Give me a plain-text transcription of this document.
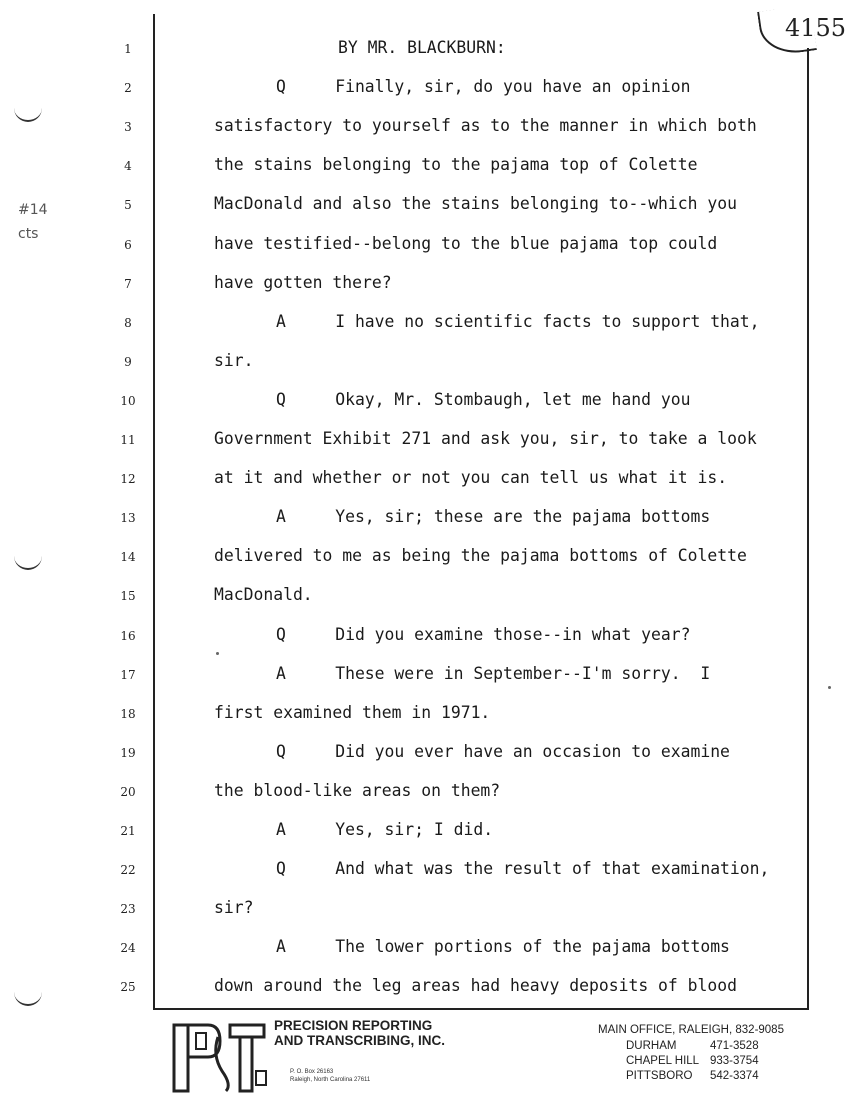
4155
#14
cts
1	BY MR. BLACKBURN:
2	Q     Finally, sir, do you have an opinion
3	satisfactory to yourself as to the manner in which both
4	the stains belonging to the pajama top of Colette
5	MacDonald and also the stains belonging to--which you
6	have testified--belong to the blue pajama top could
7	have gotten there?
8	A     I have no scientific facts to support that,
9	sir.
10	Q     Okay, Mr. Stombaugh, let me hand you
11	Government Exhibit 271 and ask you, sir, to take a look
12	at it and whether or not you can tell us what it is.
13	A     Yes, sir; these are the pajama bottoms
14	delivered to me as being the pajama bottoms of Colette
15	MacDonald.
16	Q     Did you examine those--in what year?
17	A     These were in September--I'm sorry.  I
18	first examined them in 1971.
19	Q     Did you ever have an occasion to examine
20	the blood-like areas on them?
21	A     Yes, sir; I did.
22	Q     And what was the result of that examination,
23	sir?
24	A     The lower portions of the pajama bottoms
25	down around the leg areas had heavy deposits of blood
PRECISION REPORTING
AND TRANSCRIBING, INC.
P. O. Box 26163
Raleigh, North Carolina 27611
MAIN OFFICE, RALEIGH, 832-9085
DURHAM	471-3528
CHAPEL HILL 933-3754
PITTSBORO 542-3374
